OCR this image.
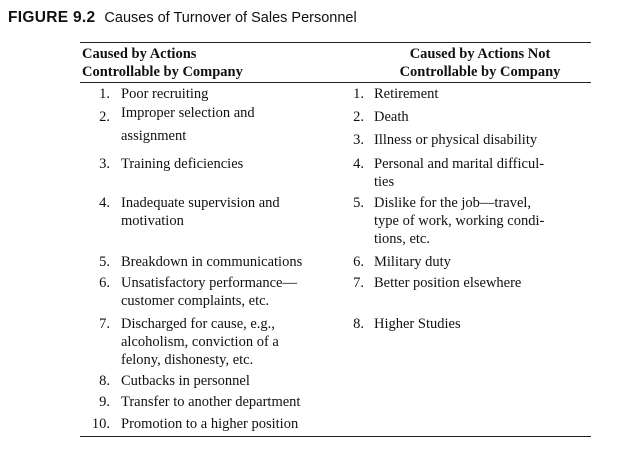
FIGURE 9.2 Causes of Turnover of Sales Personnel
Caused by Actions
Controllable by Company
Caused by Actions Not
Controllable by Company
1. Poor recruiting
2. Improper selection and

assignment
3. Training deficiencies
4. Inadequate supervision and
motivation
5. Breakdown in communications
6. Unsatisfactory performance—
customer complaints, etc.
7. Discharged for cause, e.g.,
alcoholism, conviction of a
felony, dishonesty, etc.
8. Cutbacks in personnel
9. Transfer to another department
10. Promotion to a higher position
1. Retirement
2. Death
3. Illness or physical disability
4. Personal and marital difficul-
ties
5. Dislike for the job—travel,
type of work, working condi-
tions, etc.
6. Military duty
7. Better position elsewhere
8. Higher Studies
